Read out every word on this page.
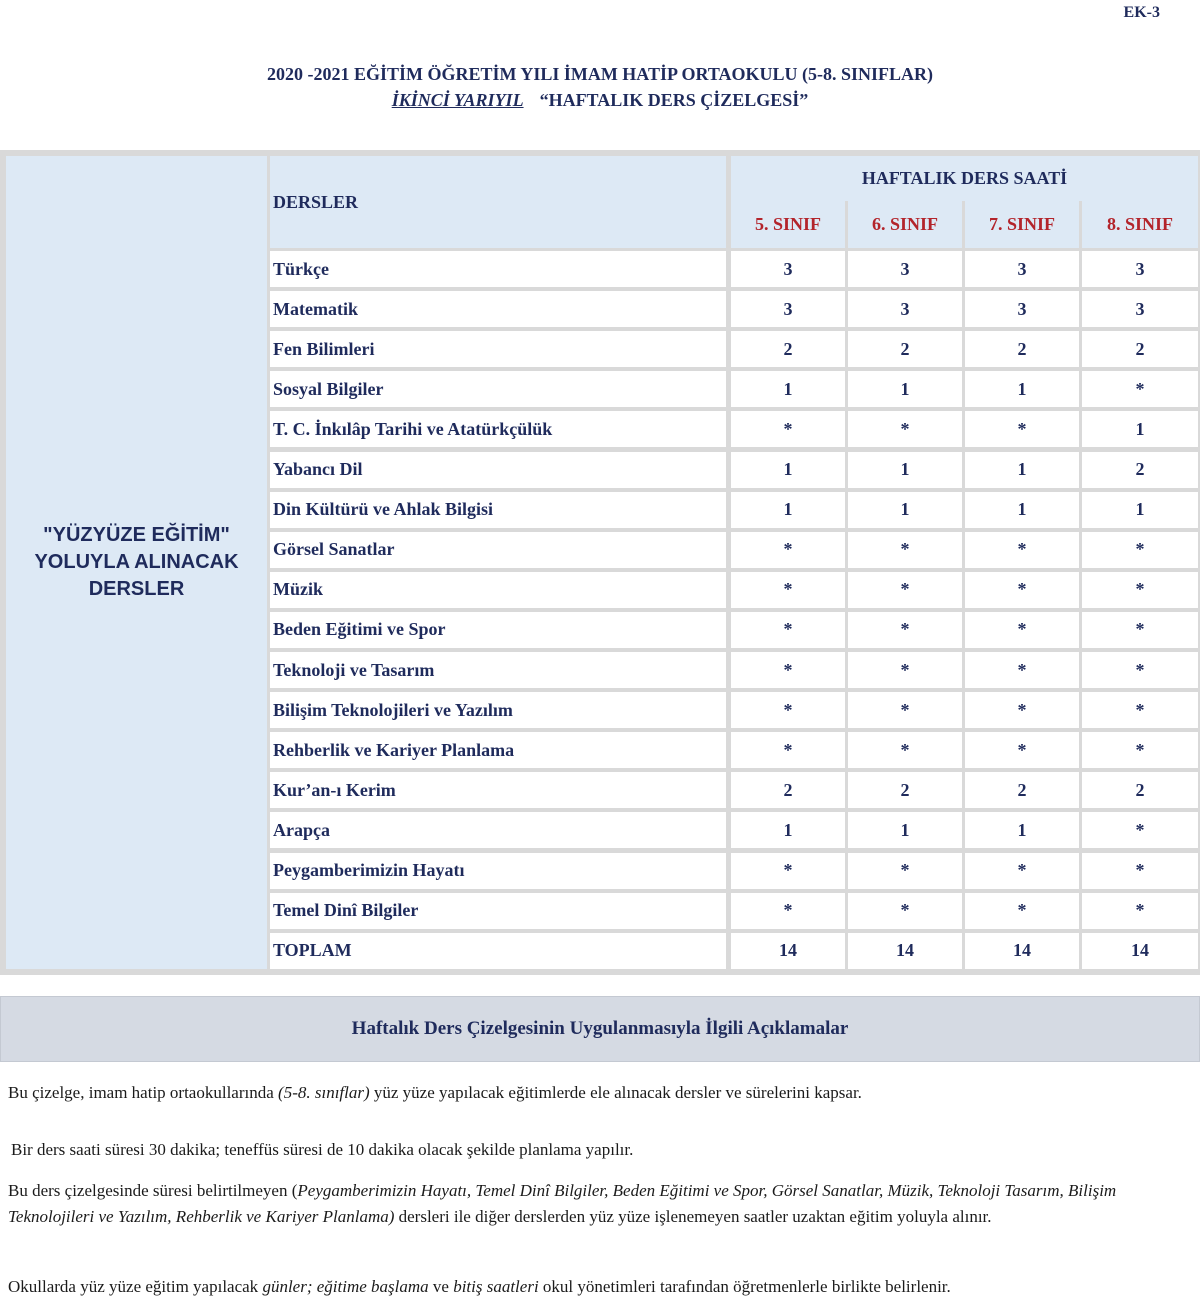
EK-3
2020 -2021 EĞİTİM ÖĞRETİM YILI İMAM HATİP ORTAOKULU (5-8. SINIFLAR)
İKİNCİ YARIYIL “HAFTALIK DERS ÇİZELGESİ”
"YÜZYÜZE EĞİTİM" YOLUYLA ALINACAK DERSLER
DERSLER
HAFTALIK DERS SAATİ
5. SINIF	6. SINIF	7. SINIF	8. SINIF
Türkçe	3	3	3	3
Matematik	3	3	3	3
Fen Bilimleri	2	2	2	2
Sosyal Bilgiler	1	1	1	*
T. C. İnkılâp Tarihi ve Atatürkçülük	*	*	*	1
Yabancı Dil	1	1	1	2
Din Kültürü ve Ahlak Bilgisi	1	1	1	1
Görsel Sanatlar	*	*	*	*
Müzik	*	*	*	*
Beden Eğitimi ve Spor	*	*	*	*
Teknoloji ve Tasarım	*	*	*	*
Bilişim Teknolojileri ve Yazılım	*	*	*	*
Rehberlik ve Kariyer Planlama	*	*	*	*
Kur’an-ı Kerim	2	2	2	2
Arapça	1	1	1	*
Peygamberimizin Hayatı	*	*	*	*
Temel Dinî Bilgiler	*	*	*	*
TOPLAM	14	14	14	14
Haftalık Ders Çizelgesinin Uygulanmasıyla İlgili Açıklamalar
Bu çizelge, imam hatip ortaokullarında (5-8. sınıflar) yüz yüze yapılacak eğitimlerde ele alınacak dersler ve sürelerini kapsar.
Bir ders saati süresi 30 dakika; teneffüs süresi de 10 dakika olacak şekilde planlama yapılır.
Bu ders çizelgesinde süresi belirtilmeyen (Peygamberimizin Hayatı, Temel Dinî Bilgiler, Beden Eğitimi ve Spor, Görsel Sanatlar, Müzik, Teknoloji Tasarım, Bilişim Teknolojileri ve Yazılım, Rehberlik ve Kariyer Planlama) dersleri ile diğer derslerden yüz yüze işlenemeyen saatler uzaktan eğitim yoluyla alınır.
Okullarda yüz yüze eğitim yapılacak günler; eğitime başlama ve bitiş saatleri okul yönetimleri tarafından öğretmenlerle birlikte belirlenir.
